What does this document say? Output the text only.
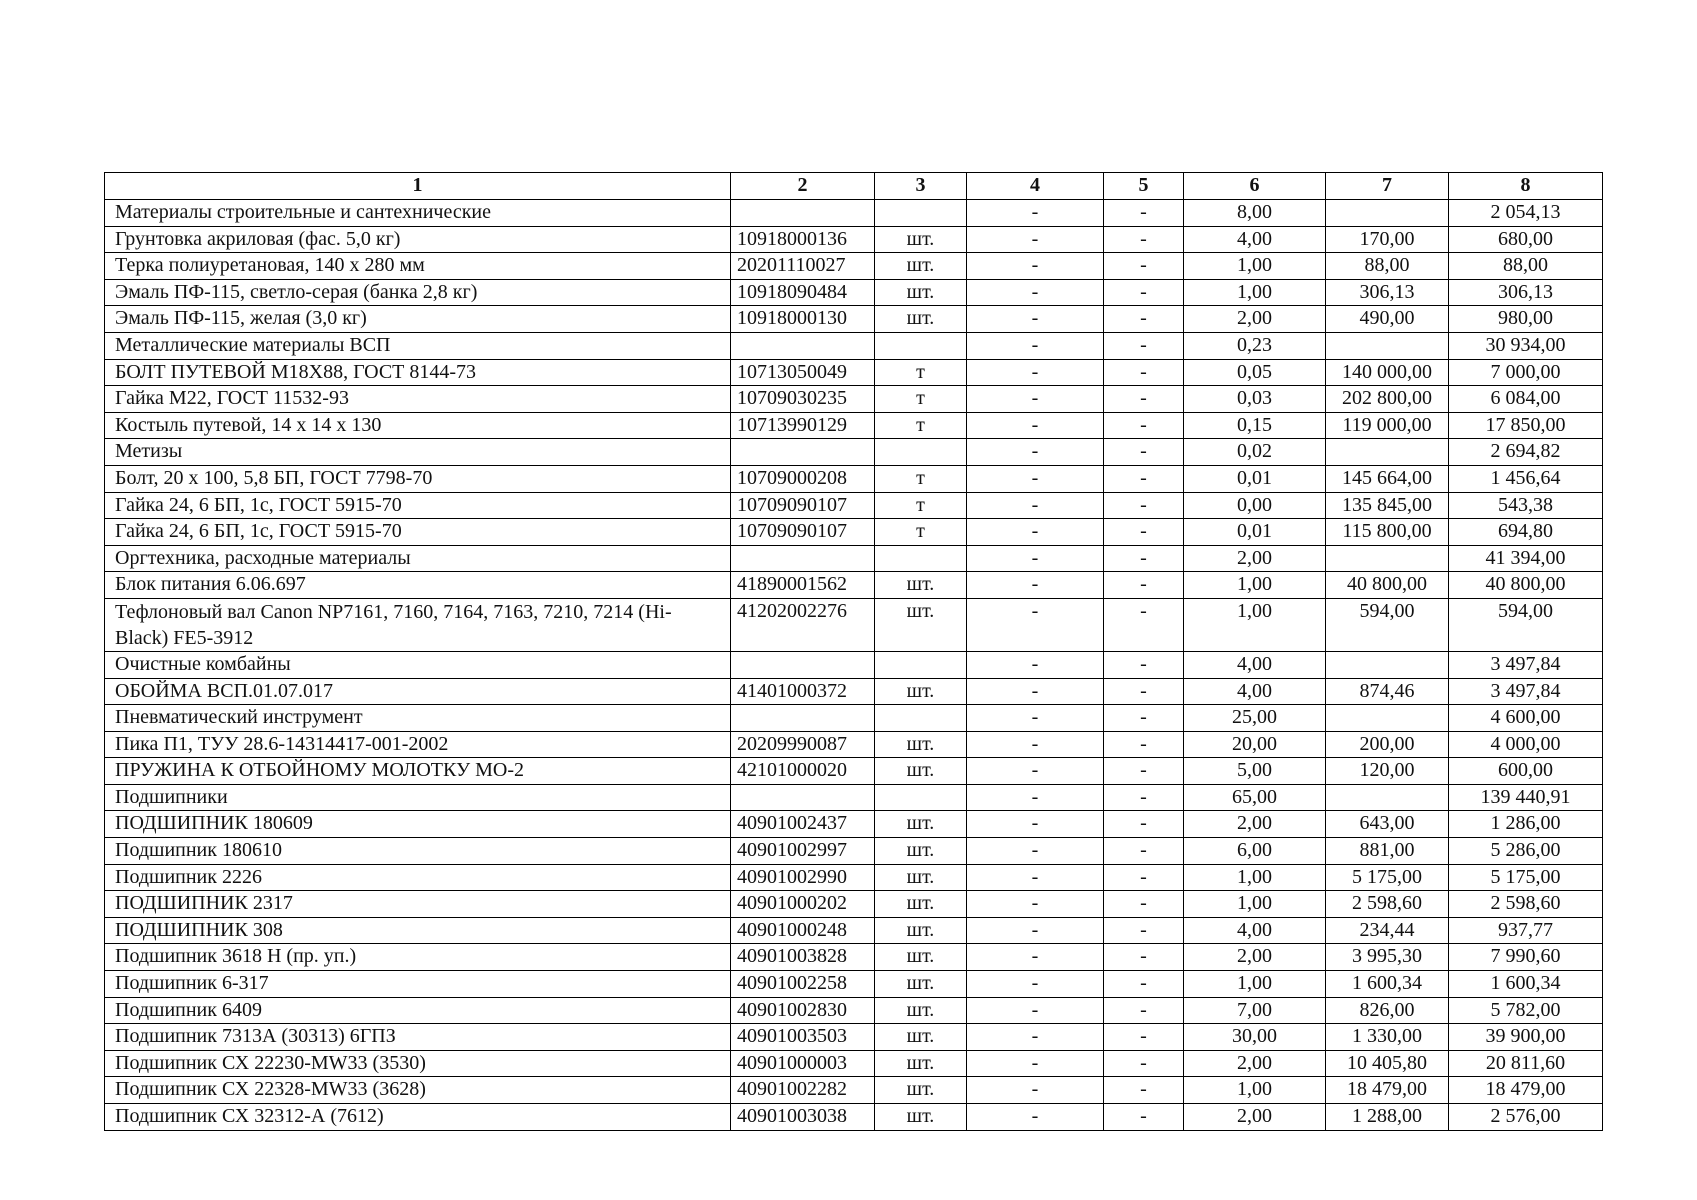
1	2	3	4	5	6	7	8
Материалы строительные и сантехнические			-	-	8,00		2 054,13
Грунтовка акриловая (фас. 5,0 кг)	10918000136	шт.	-	-	4,00	170,00	680,00
Терка полиуретановая, 140 х 280 мм	20201110027	шт.	-	-	1,00	88,00	88,00
Эмаль ПФ-115, светло-серая (банка 2,8 кг)	10918090484	шт.	-	-	1,00	306,13	306,13
Эмаль ПФ-115, желая (3,0 кг)	10918000130	шт.	-	-	2,00	490,00	980,00
Металлические материалы ВСП			-	-	0,23		30 934,00
БОЛТ ПУТЕВОЙ М18Х88, ГОСТ 8144-73	10713050049	т	-	-	0,05	140 000,00	7 000,00
Гайка М22, ГОСТ 11532-93	10709030235	т	-	-	0,03	202 800,00	6 084,00
Костыль путевой, 14 х 14 х 130	10713990129	т	-	-	0,15	119 000,00	17 850,00
Метизы			-	-	0,02		2 694,82
Болт, 20 х 100, 5,8 БП, ГОСТ 7798-70	10709000208	т	-	-	0,01	145 664,00	1 456,64
Гайка 24, 6 БП, 1с, ГОСТ 5915-70	10709090107	т	-	-	0,00	135 845,00	543,38
Гайка 24, 6 БП, 1с, ГОСТ 5915-70	10709090107	т	-	-	0,01	115 800,00	694,80
Оргтехника, расходные материалы			-	-	2,00		41 394,00
Блок питания 6.06.697	41890001562	шт.	-	-	1,00	40 800,00	40 800,00
Тефлоновый вал Canon NP7161, 7160, 7164, 7163, 7210, 7214 (Hi-Black) FE5-3912	41202002276	шт.	-	-	1,00	594,00	594,00
Очистные комбайны			-	-	4,00		3 497,84
ОБОЙМА ВСП.01.07.017	41401000372	шт.	-	-	4,00	874,46	3 497,84
Пневматический инструмент			-	-	25,00		4 600,00
Пика П1, ТУУ 28.6-14314417-001-2002	20209990087	шт.	-	-	20,00	200,00	4 000,00
ПРУЖИНА К ОТБОЙНОМУ МОЛОТКУ МО-2	42101000020	шт.	-	-	5,00	120,00	600,00
Подшипники			-	-	65,00		139 440,91
ПОДШИПНИК 180609	40901002437	шт.	-	-	2,00	643,00	1 286,00
Подшипник 180610	40901002997	шт.	-	-	6,00	881,00	5 286,00
Подшипник 2226	40901002990	шт.	-	-	1,00	5 175,00	5 175,00
ПОДШИПНИК 2317	40901000202	шт.	-	-	1,00	2 598,60	2 598,60
ПОДШИПНИК 308	40901000248	шт.	-	-	4,00	234,44	937,77
Подшипник 3618 Н (пр. уп.)	40901003828	шт.	-	-	2,00	3 995,30	7 990,60
Подшипник 6-317	40901002258	шт.	-	-	1,00	1 600,34	1 600,34
Подшипник 6409	40901002830	шт.	-	-	7,00	826,00	5 782,00
Подшипник 7313А (30313) 6ГПЗ	40901003503	шт.	-	-	30,00	1 330,00	39 900,00
Подшипник СХ 22230-MW33 (3530)	40901000003	шт.	-	-	2,00	10 405,80	20 811,60
Подшипник СХ 22328-MW33 (3628)	40901002282	шт.	-	-	1,00	18 479,00	18 479,00
Подшипник СХ 32312-А (7612)	40901003038	шт.	-	-	2,00	1 288,00	2 576,00
